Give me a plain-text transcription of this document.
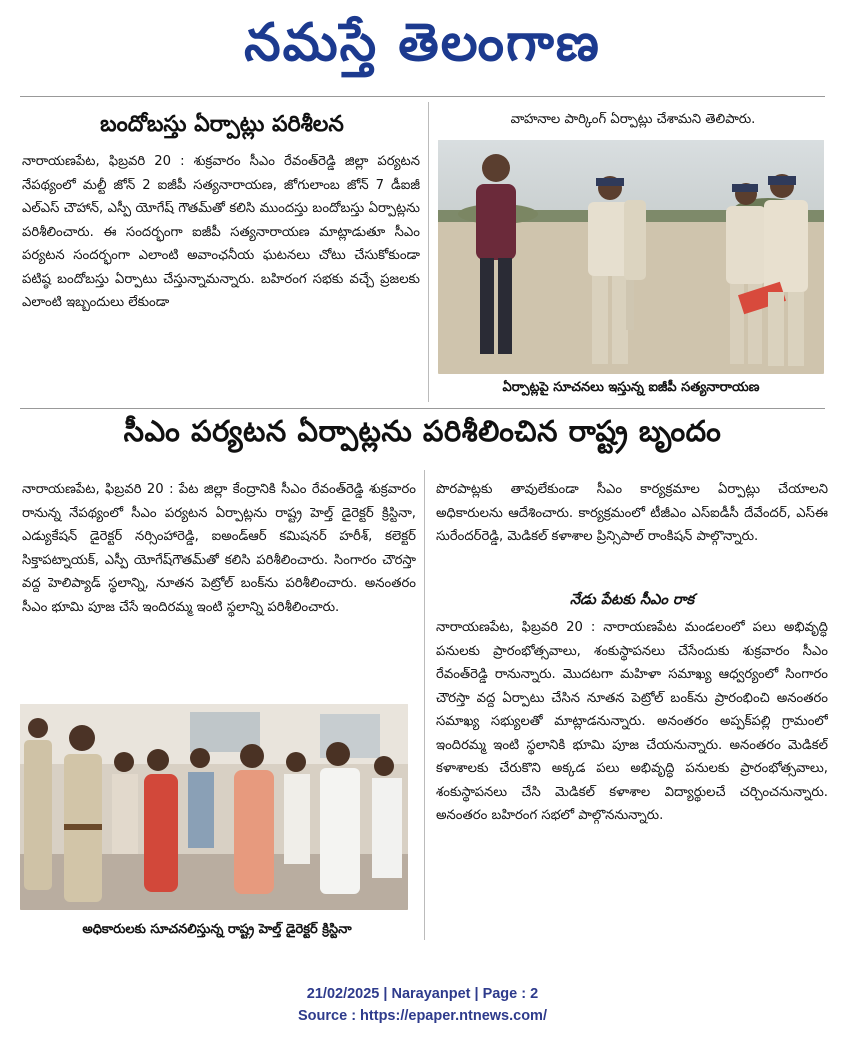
నమస్తే తెలంగాణ
బందోబస్తు ఏర్పాట్లు పరిశీలన
నారాయణపేట, ఫిబ్రవరి 20 : శుక్రవారం సీఎం రేవంత్‌రెడ్డి జిల్లా పర్యటన నేపథ్యంలో మల్టీ జోన్ 2 ఐజీపీ సత్యనారాయణ, జోగులాంబ జోన్ 7 డీఐజీ ఎల్ఎస్ చౌహాన్, ఎస్పీ యోగేష్ గౌతమ్‌తో కలిసి ముందస్తు బందోబస్తు ఏర్పాట్లను పరిశీలించారు. ఈ సందర్భంగా ఐజీపీ సత్యనారాయణ మాట్లాడుతూ సీఎం పర్యటన సందర్భంగా ఎలాంటి అవాంఛనీయ ఘటనలు చోటు చేసుకోకుండా పటిష్ఠ బందోబస్తు ఏర్పాటు చేస్తున్నామన్నారు. బహిరంగ సభకు వచ్చే ప్రజలకు ఎలాంటి ఇబ్బందులు లేకుండా
వాహనాల పార్కింగ్ ఏర్పాట్లు చేశామని తెలిపారు.
ఏర్పాట్లపై సూచనలు ఇస్తున్న ఐజీపీ సత్యనారాయణ
సీఎం పర్యటన ఏర్పాట్లను పరిశీలించిన రాష్ట్ర బృందం
నారాయణపేట, ఫిబ్రవరి 20 : పేట జిల్లా కేంద్రానికి సీఎం రేవంత్‌రెడ్డి శుక్రవారం రానున్న నేపథ్యంలో సీఎం పర్యటన ఏర్పాట్లను రాష్ట్ర హెల్త్ డైరెక్టర్ క్రిస్టినా, ఎడ్యుకేషన్ డైరెక్టర్ నర్సింహారెడ్డి, ఐఅండ్‌ఆర్ కమిషనర్ హరీశ్, కలెక్టర్ సిక్తాపట్నాయక్, ఎస్పీ యోగేష్‌గౌతమ్‌తో కలిసి పరిశీలించారు. సింగారం చౌరస్తా వద్ద హెలిప్యాడ్ స్థలాన్ని, నూతన పెట్రోల్ బంక్‌ను పరిశీలించారు. అనంతరం సీఎం భూమి పూజ చేసే ఇందిరమ్మ ఇంటి స్థలాన్ని పరిశీలించారు.
అధికారులకు సూచనలిస్తున్న రాష్ట్ర హెల్త్ డైరెక్టర్ క్రిస్టినా
పొరపాట్లకు తావులేకుండా సీఎం కార్యక్రమాల ఏర్పాట్లు చేయాలని అధికారులను ఆదేశించారు. కార్యక్రమంలో టీజీఎం ఎస్ఐడీసీ దేవేందర్, ఎస్ఈ సురేందర్‌రెడ్డి, మెడికల్ కళాశాల ప్రిన్సిపాల్ రాంకిషన్ పాల్గొన్నారు.
నేడు పేటకు సీఎం రాక
నారాయణపేట, ఫిబ్రవరి 20 : నారాయణపేట మండలంలో పలు అభివృద్ధి పనులకు ప్రారంభోత్సవాలు, శంకుస్థాపనలు చేసేందుకు శుక్రవారం సీఎం రేవంత్‌రెడ్డి రానున్నారు. మొదటగా మహిళా సమాఖ్య ఆధ్వర్యంలో సింగారం చౌరస్తా వద్ద ఏర్పాటు చేసిన నూతన పెట్రోల్ బంక్‌ను ప్రారంభించి అనంతరం సమాఖ్య సభ్యులతో మాట్లాడనున్నారు. అనంతరం అప్పక్‌పల్లి గ్రామంలో ఇందిరమ్మ ఇంటి స్థలానికి భూమి పూజ చేయనున్నారు. అనంతరం మెడికల్ కళాశాలకు చేరుకొని అక్కడ పలు అభివృద్ధి పనులకు ప్రారంభోత్సవాలు, శంకుస్థాపనలు చేసి మెడికల్ కళాశాల విద్యార్థులచే చర్చించనున్నారు. అనంతరం బహిరంగ సభలో పాల్గొననున్నారు.
21/02/2025 | Narayanpet | Page : 2
Source : https://epaper.ntnews.com/
